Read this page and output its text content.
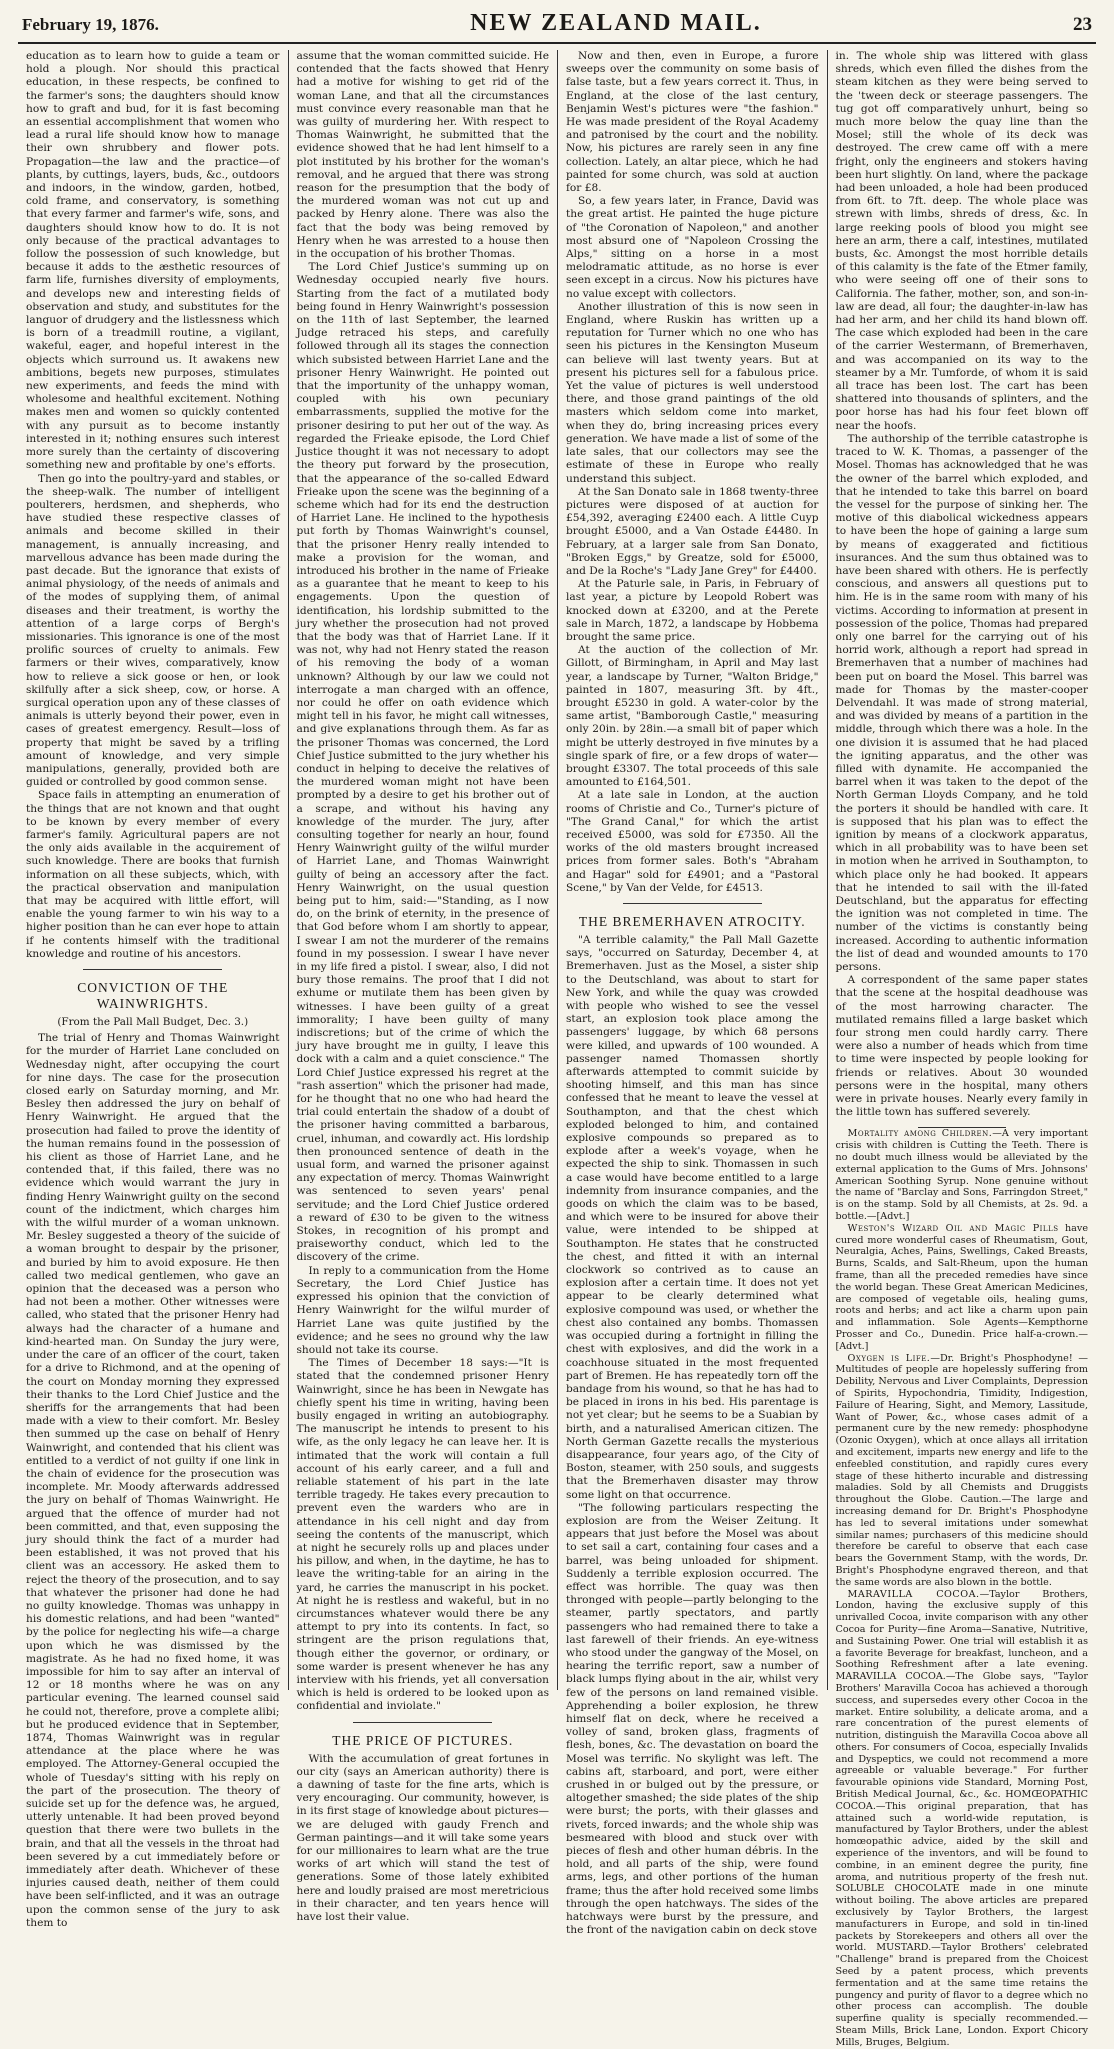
February 19, 1876.	NEW ZEALAND MAIL.	23

education as to learn how to guide a team or hold a plough. Nor should this practical education, in these respects, be confined to the farmer's sons; the daughters should know how to graft and bud, for it is fast becoming an essential accomplishment that women who lead a rural life should know how to manage their own shrubbery and flower pots. Propagation—the law and the practice—of plants, by cuttings, layers, buds, &c., outdoors and indoors, in the window, garden, hotbed, cold frame, and conservatory, is something that every farmer and farmer's wife, sons, and daughters should know how to do. It is not only because of the practical advantages to follow the possession of such knowledge, but because it adds to the æsthetic resources of farm life, furnishes diversity of employments, and develops new and interesting fields of observation and study, and substitutes for the languor of drudgery and the listlessness which is born of a treadmill routine, a vigilant, wakeful, eager, and hopeful interest in the objects which surround us. It awakens new ambitions, begets new purposes, stimulates new experiments, and feeds the mind with wholesome and healthful excitement. Nothing makes men and women so quickly contented with any pursuit as to become instantly interested in it; nothing ensures such interest more surely than the certainty of discovering something new and profitable by one's efforts.

Then go into the poultry-yard and stables, or the sheep-walk. The number of intelligent poulterers, herdsmen, and shepherds, who have studied these respective classes of animals and become skilled in their management, is annually increasing, and marvellous advance has been made during the past decade. But the ignorance that exists of animal physiology, of the needs of animals and of the modes of supplying them, of animal diseases and their treatment, is worthy the attention of a large corps of Bergh's missionaries. This ignorance is one of the most prolific sources of cruelty to animals. Few farmers or their wives, comparatively, know how to relieve a sick goose or hen, or look skilfully after a sick sheep, cow, or horse. A surgical operation upon any of these classes of animals is utterly beyond their power, even in cases of greatest emergency. Result—loss of property that might be saved by a trifling amount of knowledge, and very simple manipulations, generally, provided both are guided or controlled by good common sense.

Space fails in attempting an enumeration of the things that are not known and that ought to be known by every member of every farmer's family. Agricultural papers are not the only aids available in the acquirement of such knowledge. There are books that furnish information on all these subjects, which, with the practical observation and manipulation that may be acquired with little effort, will enable the young farmer to win his way to a higher position than he can ever hope to attain if he contents himself with the traditional knowledge and routine of his ancestors.

CONVICTION OF THE WAINWRIGHTS.
(From the Pall Mall Budget, Dec. 3.)

The trial of Henry and Thomas Wainwright for the murder of Harriet Lane concluded on Wednesday night, after occupying the court for nine days. The case for the prosecution closed early on Saturday morning, and Mr. Besley then addressed the jury on behalf of Henry Wainwright. He argued that the prosecution had failed to prove the identity of the human remains found in the possession of his client as those of Harriet Lane, and he contended that, if this failed, there was no evidence which would warrant the jury in finding Henry Wainwright guilty on the second count of the indictment, which charges him with the wilful murder of a woman unknown. Mr. Besley suggested a theory of the suicide of a woman brought to despair by the prisoner, and buried by him to avoid exposure. He then called two medical gentlemen, who gave an opinion that the deceased was a person who had not been a mother. Other witnesses were called, who stated that the prisoner Henry had always had the character of a humane and kind-hearted man. On Sunday the jury were, under the care of an officer of the court, taken for a drive to Richmond, and at the opening of the court on Monday morning they expressed their thanks to the Lord Chief Justice and the sheriffs for the arrangements that had been made with a view to their comfort. Mr. Besley then summed up the case on behalf of Henry Wainwright, and contended that his client was entitled to a verdict of not guilty if one link in the chain of evidence for the prosecution was incomplete. Mr. Moody afterwards addressed the jury on behalf of Thomas Wainwright. He argued that the offence of murder had not been committed, and that, even supposing the jury should think the fact of a murder had been established, it was not proved that his client was an accessory. He asked them to reject the theory of the prosecution, and to say that whatever the prisoner had done he had no guilty knowledge. Thomas was unhappy in his domestic relations, and had been "wanted" by the police for neglecting his wife—a charge upon which he was dismissed by the magistrate. As he had no fixed home, it was impossible for him to say after an interval of 12 or 18 months where he was on any particular evening. The learned counsel said he could not, therefore, prove a complete alibi; but he produced evidence that in September, 1874, Thomas Wainwright was in regular attendance at the place where he was employed. The Attorney-General occupied the whole of Tuesday's sitting with his reply on the part of the prosecution. The theory of suicide set up for the defence was, he argued, utterly untenable. It had been proved beyond question that there were two bullets in the brain, and that all the vessels in the throat had been severed by a cut immediately before or immediately after death. Whichever of these injuries caused death, neither of them could have been self-inflicted, and it was an outrage upon the common sense of the jury to ask them to

assume that the woman committed suicide. He contended that the facts showed that Henry had a motive for wishing to get rid of the woman Lane, and that all the circumstances must convince every reasonable man that he was guilty of murdering her. With respect to Thomas Wainwright, he submitted that the evidence showed that he had lent himself to a plot instituted by his brother for the woman's removal, and he argued that there was strong reason for the presumption that the body of the murdered woman was not cut up and packed by Henry alone. There was also the fact that the body was being removed by Henry when he was arrested to a house then in the occupation of his brother Thomas.

The Lord Chief Justice's summing up on Wednesday occupied nearly five hours. Starting from the fact of a mutilated body being found in Henry Wainwright's possession on the 11th of last September, the learned Judge retraced his steps, and carefully followed through all its stages the connection which subsisted between Harriet Lane and the prisoner Henry Wainwright. He pointed out that the importunity of the unhappy woman, coupled with his own pecuniary embarrassments, supplied the motive for the prisoner desiring to put her out of the way. As regarded the Frieake episode, the Lord Chief Justice thought it was not necessary to adopt the theory put forward by the prosecution, that the appearance of the so-called Edward Frieake upon the scene was the beginning of a scheme which had for its end the destruction of Harriet Lane. He inclined to the hypothesis put forth by Thomas Wainwright's counsel, that the prisoner Henry really intended to make a provision for the woman, and introduced his brother in the name of Frieake as a guarantee that he meant to keep to his engagements. Upon the question of identification, his lordship submitted to the jury whether the prosecution had not proved that the body was that of Harriet Lane. If it was not, why had not Henry stated the reason of his removing the body of a woman unknown? Although by our law we could not interrogate a man charged with an offence, nor could he offer on oath evidence which might tell in his favor, he might call witnesses, and give explanations through them. As far as the prisoner Thomas was concerned, the Lord Chief Justice submitted to the jury whether his conduct in helping to deceive the relatives of the murdered woman might not have been prompted by a desire to get his brother out of a scrape, and without his having any knowledge of the murder. The jury, after consulting together for nearly an hour, found Henry Wainwright guilty of the wilful murder of Harriet Lane, and Thomas Wainwright guilty of being an accessory after the fact. Henry Wainwright, on the usual question being put to him, said:—"Standing, as I now do, on the brink of eternity, in the presence of that God before whom I am shortly to appear, I swear I am not the murderer of the remains found in my possession. I swear I have never in my life fired a pistol. I swear, also, I did not bury those remains. The proof that I did not exhume or mutilate them has been given by witnesses. I have been guilty of a great immorality; I have been guilty of many indiscretions; but of the crime of which the jury have brought me in guilty, I leave this dock with a calm and a quiet conscience." The Lord Chief Justice expressed his regret at the "rash assertion" which the prisoner had made, for he thought that no one who had heard the trial could entertain the shadow of a doubt of the prisoner having committed a barbarous, cruel, inhuman, and cowardly act. His lordship then pronounced sentence of death in the usual form, and warned the prisoner against any expectation of mercy. Thomas Wainwright was sentenced to seven years' penal servitude; and the Lord Chief Justice ordered a reward of £30 to be given to the witness Stokes, in recognition of his prompt and praiseworthy conduct, which led to the discovery of the crime.

In reply to a communication from the Home Secretary, the Lord Chief Justice has expressed his opinion that the conviction of Henry Wainwright for the wilful murder of Harriet Lane was quite justified by the evidence; and he sees no ground why the law should not take its course.

The Times of December 18 says:—"It is stated that the condemned prisoner Henry Wainwright, since he has been in Newgate has chiefly spent his time in writing, having been busily engaged in writing an autobiography. The manuscript he intends to present to his wife, as the only legacy he can leave her. It is intimated that the work will contain a full account of his early career, and a full and reliable statement of his part in the late terrible tragedy. He takes every precaution to prevent even the warders who are in attendance in his cell night and day from seeing the contents of the manuscript, which at night he securely rolls up and places under his pillow, and when, in the daytime, he has to leave the writing-table for an airing in the yard, he carries the manuscript in his pocket. At night he is restless and wakeful, but in no circumstances whatever would there be any attempt to pry into its contents. In fact, so stringent are the prison regulations that, though either the governor, or ordinary, or some warder is present whenever he has any interview with his friends, yet all conversation which is held is ordered to be looked upon as confidential and inviolate."

THE PRICE OF PICTURES.

With the accumulation of great fortunes in our city (says an American authority) there is a dawning of taste for the fine arts, which is very encouraging. Our community, however, is in its first stage of knowledge about pictures—we are deluged with gaudy French and German paintings—and it will take some years for our millionaires to learn what are the true works of art which will stand the test of generations. Some of those lately exhibited here and loudly praised are most meretricious in their character, and ten years hence will have lost their value.

Now and then, even in Europe, a furore sweeps over the community on some basis of false taste, but a few years correct it. Thus, in England, at the close of the last century, Benjamin West's pictures were "the fashion." He was made president of the Royal Academy and patronised by the court and the nobility. Now, his pictures are rarely seen in any fine collection. Lately, an altar piece, which he had painted for some church, was sold at auction for £8.

So, a few years later, in France, David was the great artist. He painted the huge picture of "the Coronation of Napoleon," and another most absurd one of "Napoleon Crossing the Alps," sitting on a horse in a most melodramatic attitude, as no horse is ever seen except in a circus. Now his pictures have no value except with collectors.

Another illustration of this is now seen in England, where Ruskin has written up a reputation for Turner which no one who has seen his pictures in the Kensington Museum can believe will last twenty years. But at present his pictures sell for a fabulous price. Yet the value of pictures is well understood there, and those grand paintings of the old masters which seldom come into market, when they do, bring increasing prices every generation. We have made a list of some of the late sales, that our collectors may see the estimate of these in Europe who really understand this subject.

At the San Donato sale in 1868 twenty-three pictures were disposed of at auction for £54,392, averaging £2400 each. A little Cuyp brought £5000, and a Van Ostade £4480. In February, at a larger sale from San Donato, "Broken Eggs," by Greatze, sold for £5000, and De la Roche's "Lady Jane Grey" for £4400.

At the Paturle sale, in Paris, in February of last year, a picture by Leopold Robert was knocked down at £3200, and at the Perete sale in March, 1872, a landscape by Hobbema brought the same price.

At the auction of the collection of Mr. Gillott, of Birmingham, in April and May last year, a landscape by Turner, "Walton Bridge," painted in 1807, measuring 3ft. by 4ft., brought £5230 in gold. A water-color by the same artist, "Bamborough Castle," measuring only 20in. by 28in.—a small bit of paper which might be utterly destroyed in five minutes by a single spark of fire, or a few drops of water—brought £3307. The total proceeds of this sale amounted to £164,501.

At a late sale in London, at the auction rooms of Christie and Co., Turner's picture of "The Grand Canal," for which the artist received £5000, was sold for £7350. All the works of the old masters brought increased prices from former sales. Both's "Abraham and Hagar" sold for £4901; and a "Pastoral Scene," by Van der Velde, for £4513.

THE BREMERHAVEN ATROCITY.

"A terrible calamity," the Pall Mall Gazette says, "occurred on Saturday, December 4, at Bremerhaven. Just as the Mosel, a sister ship to the Deutschland, was about to start for New York, and while the quay was crowded with people who wished to see the vessel start, an explosion took place among the passengers' luggage, by which 68 persons were killed, and upwards of 100 wounded. A passenger named Thomassen shortly afterwards attempted to commit suicide by shooting himself, and this man has since confessed that he meant to leave the vessel at Southampton, and that the chest which exploded belonged to him, and contained explosive compounds so prepared as to explode after a week's voyage, when he expected the ship to sink. Thomassen in such a case would have become entitled to a large indemnity from insurance companies, and the goods on which the claim was to be based, and which were to be insured for above their value, were intended to be shipped at Southampton. He states that he constructed the chest, and fitted it with an internal clockwork so contrived as to cause an explosion after a certain time. It does not yet appear to be clearly determined what explosive compound was used, or whether the chest also contained any bombs. Thomassen was occupied during a fortnight in filling the chest with explosives, and did the work in a coachhouse situated in the most frequented part of Bremen. He has repeatedly torn off the bandage from his wound, so that he has had to be placed in irons in his bed. His parentage is not yet clear; but he seems to be a Suabian by birth, and a naturalised American citizen. The North German Gazette recalls the mysterious disappearance, four years ago, of the City of Boston, steamer, with 250 souls, and suggests that the Bremerhaven disaster may throw some light on that occurrence.

"The following particulars respecting the explosion are from the Weiser Zeitung. It appears that just before the Mosel was about to set sail a cart, containing four cases and a barrel, was being unloaded for shipment. Suddenly a terrible explosion occurred. The effect was horrible. The quay was then thronged with people—partly belonging to the steamer, partly spectators, and partly passengers who had remained there to take a last farewell of their friends. An eye-witness who stood under the gangway of the Mosel, on hearing the terrific report, saw a number of black lumps flying about in the air, whilst very few of the persons on land remained visible. Apprehending a boiler explosion, he threw himself flat on deck, where he received a volley of sand, broken glass, fragments of flesh, bones, &c. The devastation on board the Mosel was terrific. No skylight was left. The cabins aft, starboard, and port, were either crushed in or bulged out by the pressure, or altogether smashed; the side plates of the ship were burst; the ports, with their glasses and rivets, forced inwards; and the whole ship was besmeared with blood and stuck over with pieces of flesh and other human débris. In the hold, and all parts of the ship, were found arms, legs, and other portions of the human frame; thus the after hold received some limbs through the open hatchways. The sides of the hatchways were burst by the pressure, and the front of the navigation cabin on deck stove

in. The whole ship was littered with glass shreds, which even filled the dishes from the steam kitchen as they were being served to the 'tween deck or steerage passengers. The tug got off comparatively unhurt, being so much more below the quay line than the Mosel; still the whole of its deck was destroyed. The crew came off with a mere fright, only the engineers and stokers having been hurt slightly. On land, where the package had been unloaded, a hole had been produced from 6ft. to 7ft. deep. The whole place was strewn with limbs, shreds of dress, &c. In large reeking pools of blood you might see here an arm, there a calf, intestines, mutilated busts, &c. Amongst the most horrible details of this calamity is the fate of the Etmer family, who were seeing off one of their sons to California. The father, mother, son, and son-in-law are dead, all four; the daughter-in-law has had her arm, and her child its hand blown off. The case which exploded had been in the care of the carrier Westermann, of Bremerhaven, and was accompanied on its way to the steamer by a Mr. Tumforde, of whom it is said all trace has been lost. The cart has been shattered into thousands of splinters, and the poor horse has had his four feet blown off near the hoofs.

The authorship of the terrible catastrophe is traced to W. K. Thomas, a passenger of the Mosel. Thomas has acknowledged that he was the owner of the barrel which exploded, and that he intended to take this barrel on board the vessel for the purpose of sinking her. The motive of this diabolical wickedness appears to have been the hope of gaining a large sum by means of exaggerated and fictitious insurances. And the sum thus obtained was to have been shared with others. He is perfectly conscious, and answers all questions put to him. He is in the same room with many of his victims. According to information at present in possession of the police, Thomas had prepared only one barrel for the carrying out of his horrid work, although a report had spread in Bremerhaven that a number of machines had been put on board the Mosel. This barrel was made for Thomas by the master-cooper Delvendahl. It was made of strong material, and was divided by means of a partition in the middle, through which there was a hole. In the one division it is assumed that he had placed the igniting apparatus, and the other was filled with dynamite. He accompanied the barrel when it was taken to the depot of the North German Lloyds Company, and he told the porters it should be handled with care. It is supposed that his plan was to effect the ignition by means of a clockwork apparatus, which in all probability was to have been set in motion when he arrived in Southampton, to which place only he had booked. It appears that he intended to sail with the ill-fated Deutschland, but the apparatus for effecting the ignition was not completed in time. The number of the victims is constantly being increased. According to authentic information the list of dead and wounded amounts to 170 persons.

A correspondent of the same paper states that the scene at the hospital deadhouse was of the most harrowing character. The mutilated remains filled a large basket which four strong men could hardly carry. There were also a number of heads which from time to time were inspected by people looking for friends or relatives. About 30 wounded persons were in the hospital, many others were in private houses. Nearly every family in the little town has suffered severely.

Mortality among Children.—A very important crisis with children is Cutting the Teeth. There is no doubt much illness would be alleviated by the external application to the Gums of Mrs. Johnsons' American Soothing Syrup. None genuine without the name of "Barclay and Sons, Farringdon Street," is on the stamp. Sold by all Chemists, at 2s. 9d. a bottle.—[Advt.]

Weston's Wizard Oil and Magic Pills have cured more wonderful cases of Rheumatism, Gout, Neuralgia, Aches, Pains, Swellings, Caked Breasts, Burns, Scalds, and Salt-Rheum, upon the human frame, than all the preceded remedies have since the world began. These Great American Medicines, are composed of vegetable oils, healing gums, roots and herbs; and act like a charm upon pain and inflammation. Sole Agents—Kempthorne Prosser and Co., Dunedin. Price half-a-crown.—[Advt.]

Oxygen is Life.—Dr. Bright's Phosphodyne! —Multitudes of people are hopelessly suffering from Debility, Nervous and Liver Complaints, Depression of Spirits, Hypochondria, Timidity, Indigestion, Failure of Hearing, Sight, and Memory, Lassitude, Want of Power, &c., whose cases admit of a permanent cure by the new remedy: phosphodyne (Ozonic Oxygen), which at once allays all irritation and excitement, imparts new energy and life to the enfeebled constitution, and rapidly cures every stage of these hitherto incurable and distressing maladies. Sold by all Chemists and Druggists throughout the Globe. Caution.—The large and increasing demand for Dr. Bright's Phosphodyne has led to several imitations under somewhat similar names; purchasers of this medicine should therefore be careful to observe that each case bears the Government Stamp, with the words, Dr. Bright's Phosphodyne engraved thereon, and that the same words are also blown in the bottle.

MARAVILLA COCOA.—Taylor Brothers, London, having the exclusive supply of this unrivalled Cocoa, invite comparison with any other Cocoa for Purity—fine Aroma—Sanative, Nutritive, and Sustaining Power. One trial will establish it as a favorite Beverage for breakfast, luncheon, and a Soothing Refreshment after a late evening. MARAVILLA COCOA.—The Globe says, "Taylor Brothers' Maravilla Cocoa has achieved a thorough success, and supersedes every other Cocoa in the market. Entire solubility, a delicate aroma, and a rare concentration of the purest elements of nutrition, distinguish the Maravilla Cocoa above all others. For consumers of Cocoa, especially Invalids and Dyspeptics, we could not recommend a more agreeable or valuable beverage." For further favourable opinions vide Standard, Morning Post, British Medical Journal, &c., &c. HOMŒOPATHIC COCOA.—This original preparation, that has attained such a world-wide reputation, is manufactured by Taylor Brothers, under the ablest homœopathic advice, aided by the skill and experience of the inventors, and will be found to combine, in an eminent degree the purity, fine aroma, and nutritious property of the fresh nut. SOLUBLE CHOCOLATE made in one minute without boiling. The above articles are prepared exclusively by Taylor Brothers, the largest manufacturers in Europe, and sold in tin-lined packets by Storekeepers and others all over the world. MUSTARD.—Taylor Brothers' celebrated "Challenge" brand is prepared from the Choicest Seed by a patent process, which prevents fermentation and at the same time retains the pungency and purity of flavor to a degree which no other process can accomplish. The double superfine quality is specially recommended.—Steam Mills, Brick Lane, London. Export Chicory Mills, Bruges, Belgium.
